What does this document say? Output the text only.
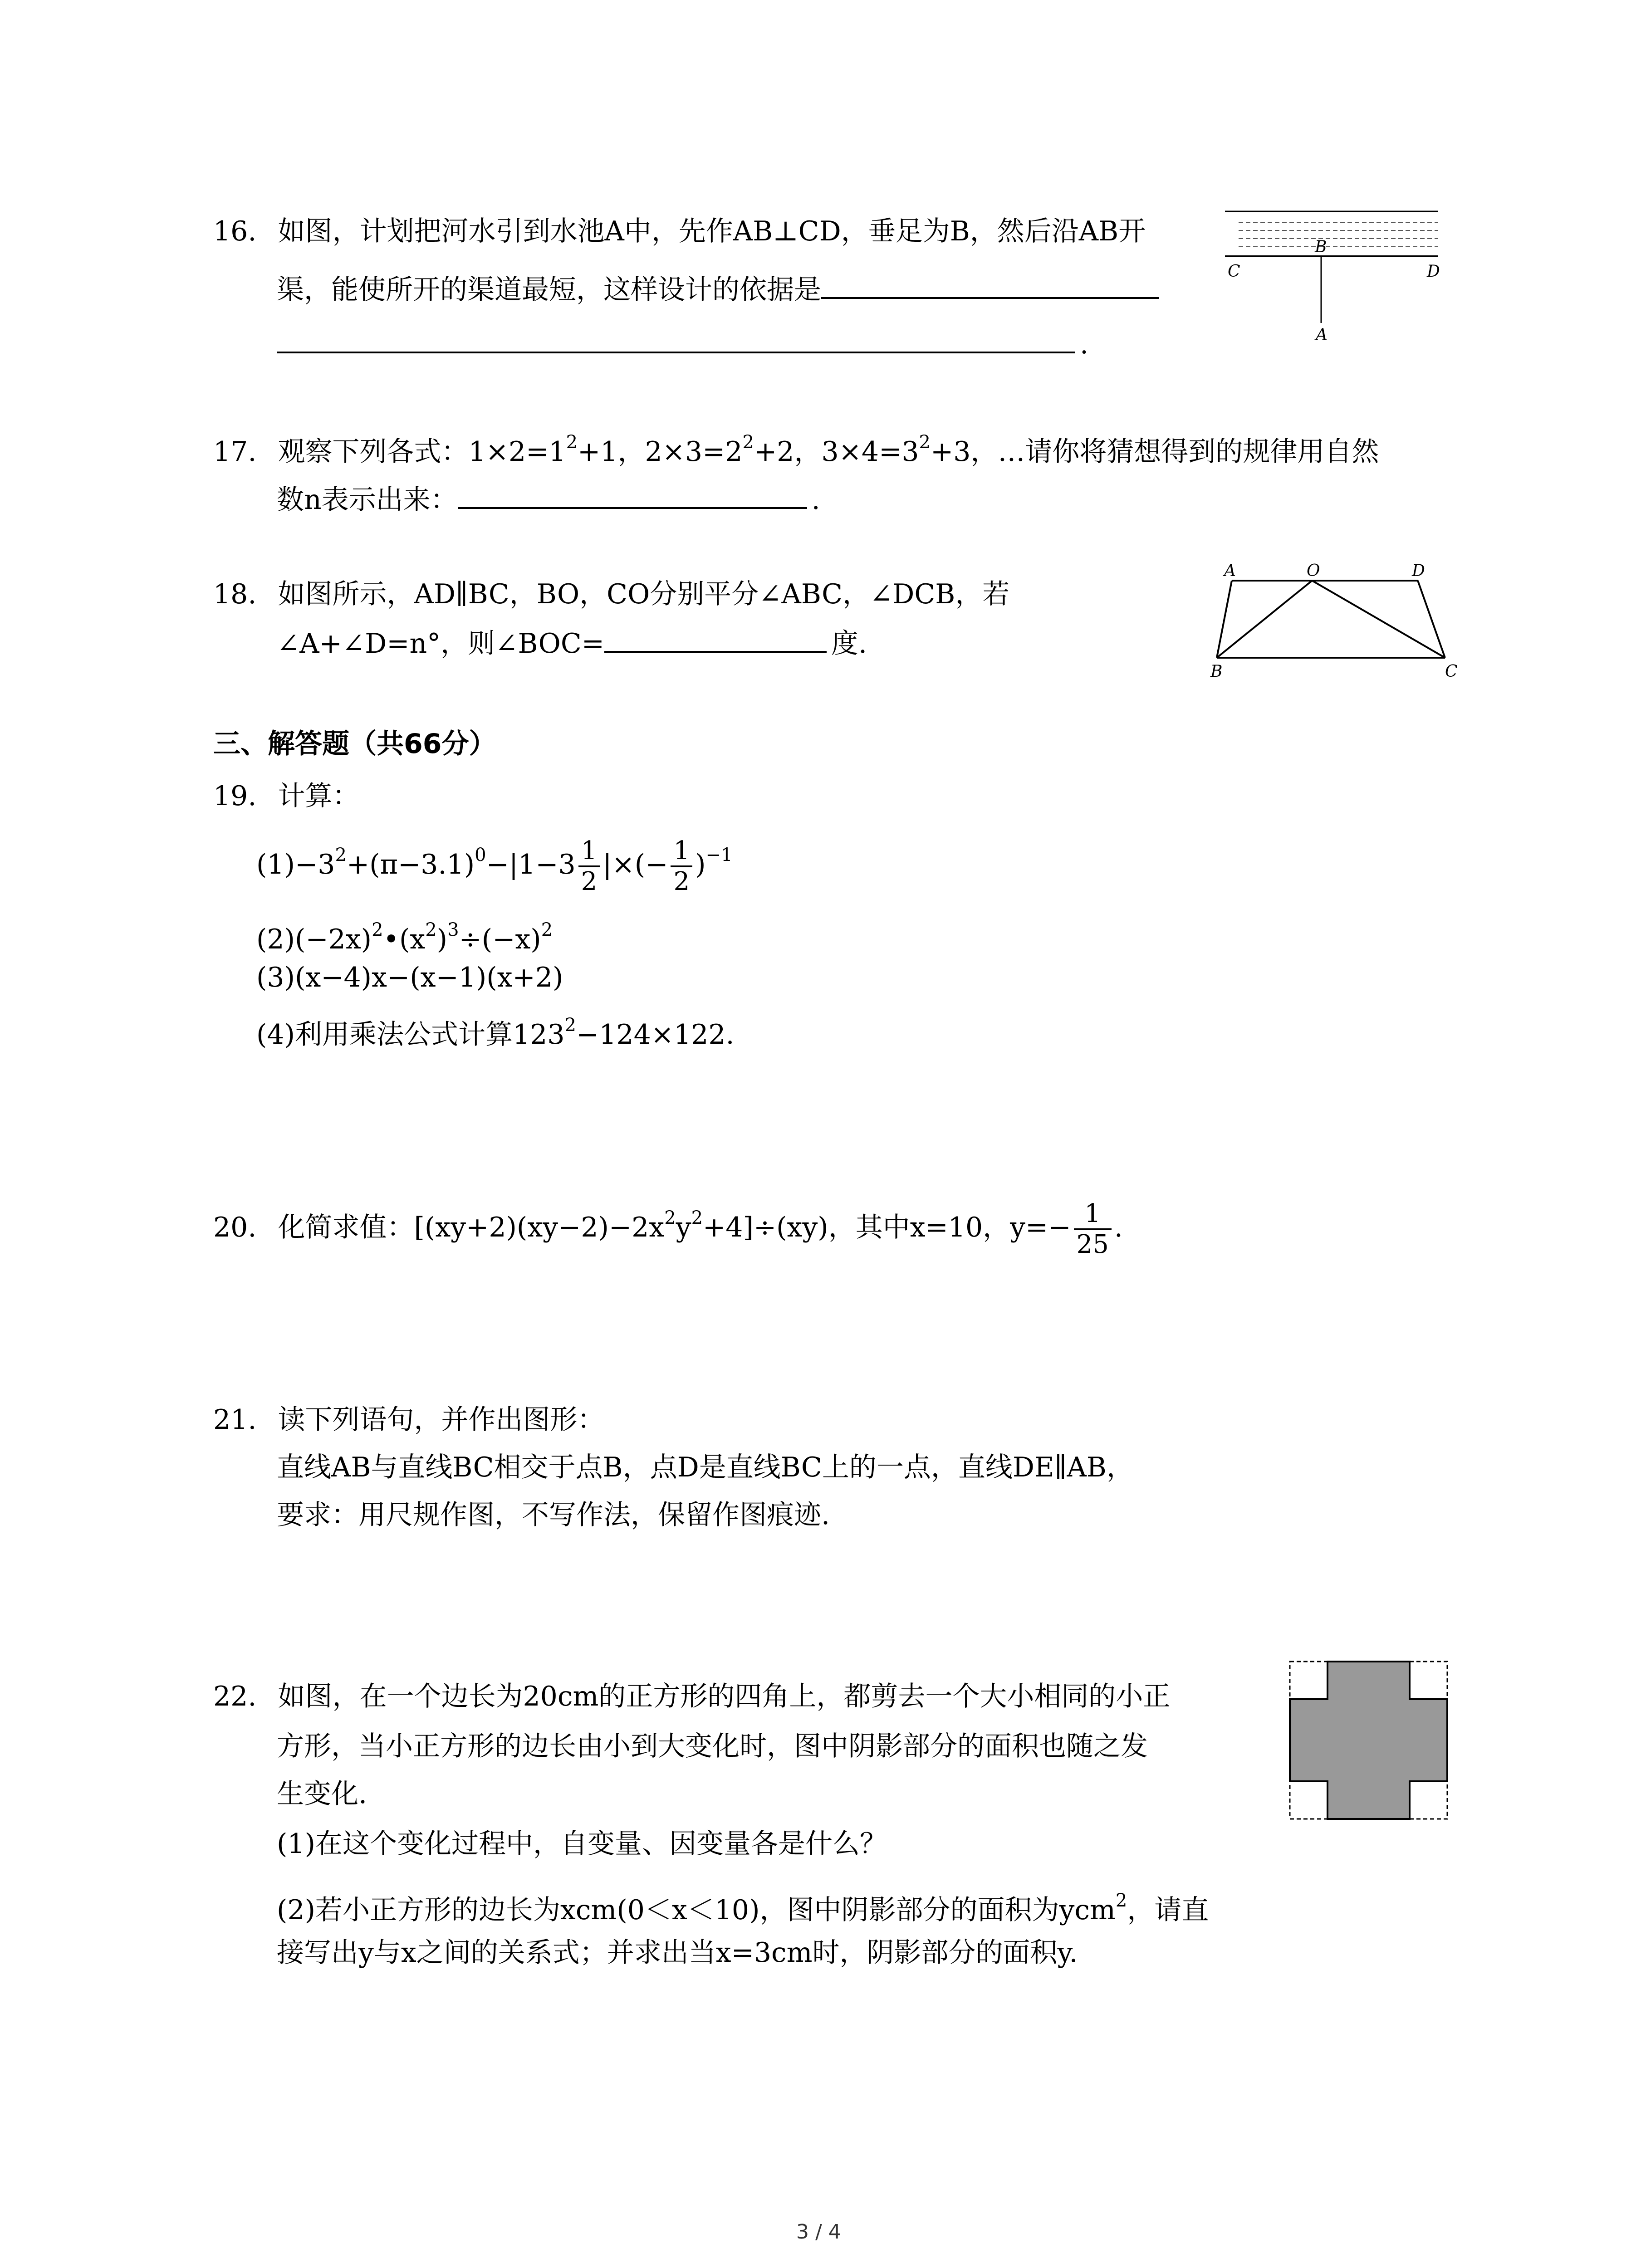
16. 如图，计划把河水引到水池A中，先作AB⊥CD，垂足为B，然后沿AB开
渠，能使所开的渠道最短，这样设计的依据是
.
C
B
D
A
17. 观察下列各式：$1\times 2=1^2+1$，$2\times 3=2^2+2$，$3\times 4=3^2+3$，…请你将猜想得到的规律用自然
数n表示出来：	.
18. 如图所示，AD∥BC，BO，CO分别平分∠ABC，∠DCB，若
∠A+∠D=n°，则∠BOC=	度.
A	O	D
B	C
三、解答题（共66分）
19. 计算：
$(1)-3^2+(\pi-3.1)^0-|1-3 \frac{1}{2}$ |×(− $\frac{1}{2} )^{-1}$
$(2)(-2x)^2•(x^2)^3\div(-x)^2$
(3)(x−4)x−(x−1)(x+2)
(4)利用乘法公式计算$123^2-124\times 122$.
20. 化简求值：$[(xy+2)(xy-2)-2x^2y^2+4]\div(xy)$，其中x=10，$y=- \frac{1}{25}$ .
21. 读下列语句，并作出图形：
直线AB与直线BC相交于点B，点D是直线BC上的一点，直线DE∥AB，
要求：用尺规作图，不写作法，保留作图痕迹.
22. 如图，在一个边长为20cm的正方形的四角上，都剪去一个大小相同的小正
方形，当小正方形的边长由小到大变化时，图中阴影部分的面积也随之发
生变化.
(1)在这个变化过程中，自变量、因变量各是什么？
(2)若小正方形的边长为xcm(0＜x＜10)，图中阴影部分的面积为ycm$^2$，请直
接写出y与x之间的关系式；并求出当x=3cm时，阴影部分的面积y.
3 / 4
